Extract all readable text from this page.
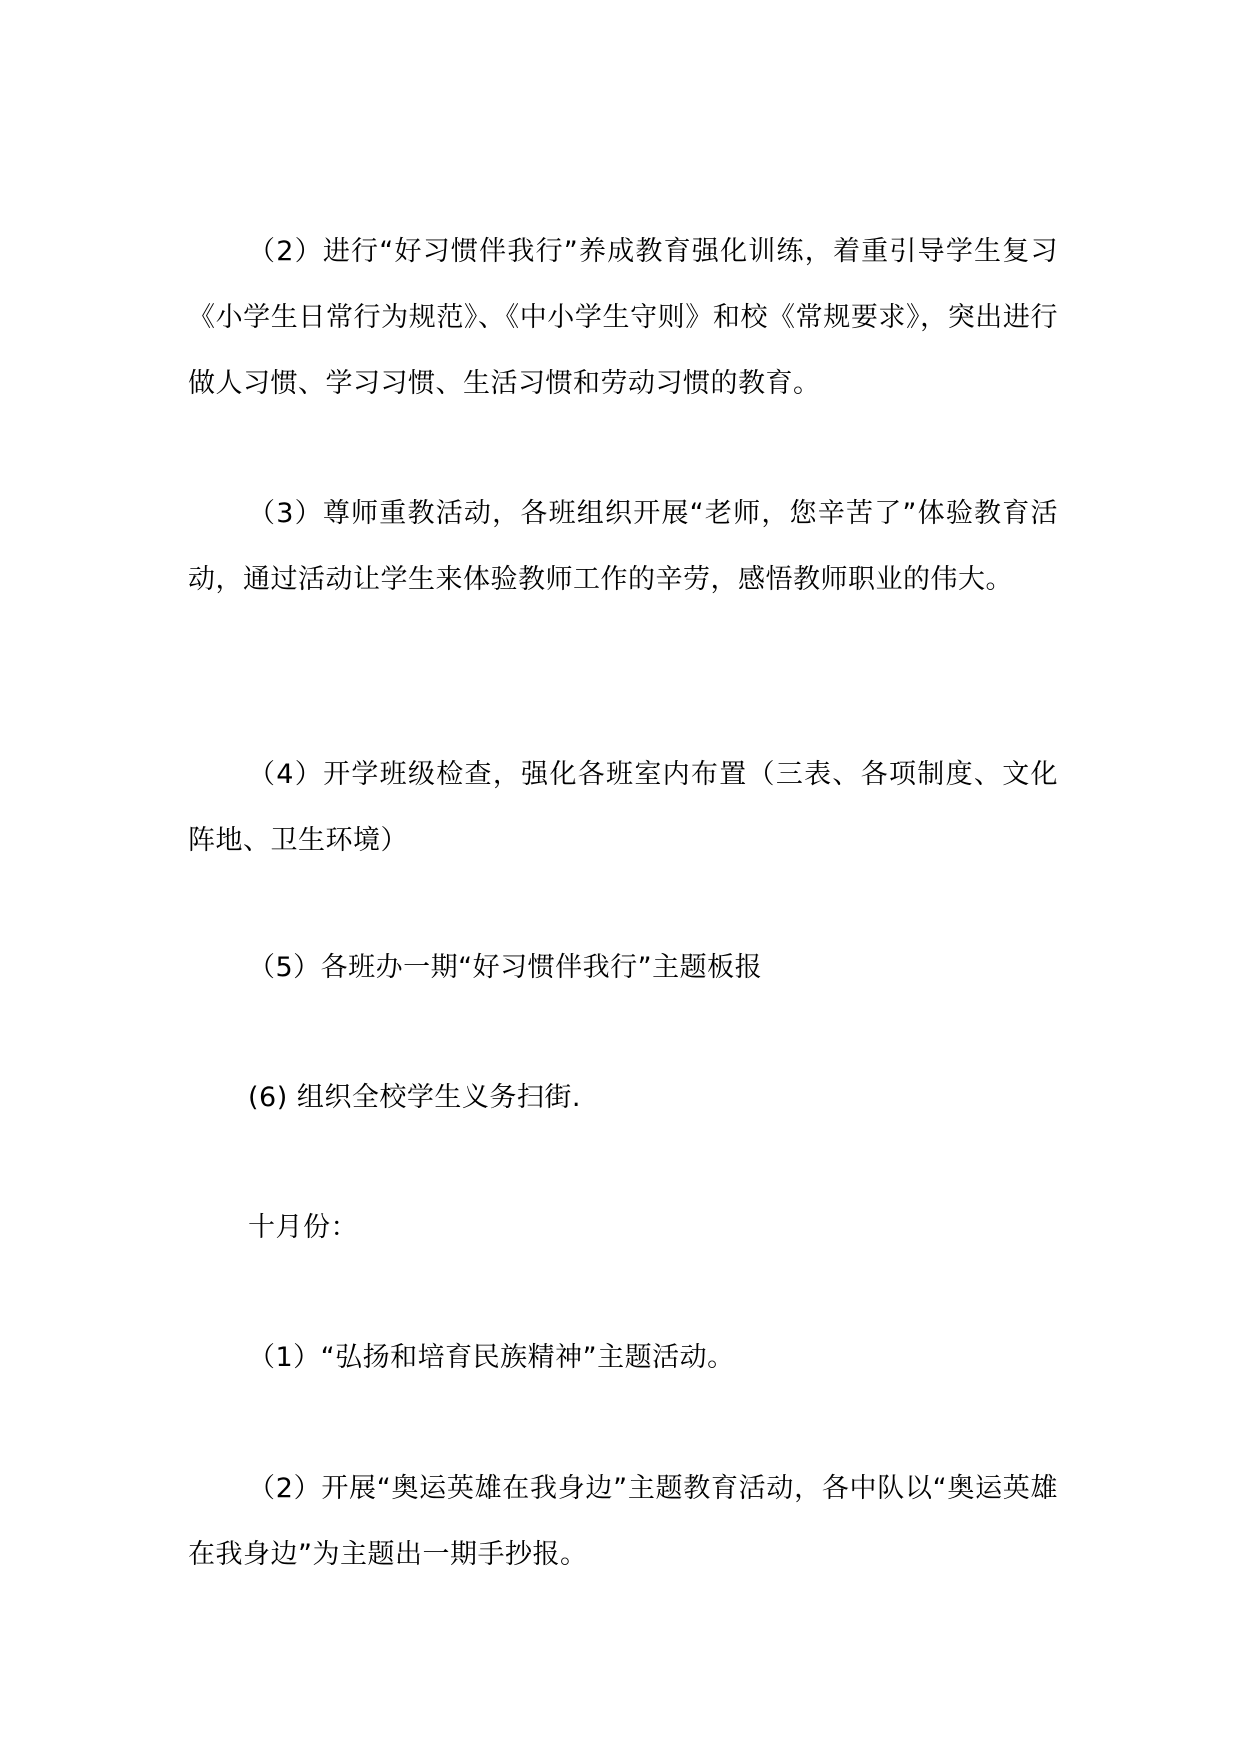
（2）进行“好习惯伴我行”养成教育强化训练，着重引导学生复习《小学生日常行为规范》、《中小学生守则》和校《常规要求》，突出进行做人习惯、学习习惯、生活习惯和劳动习惯的教育。

（3）尊师重教活动，各班组织开展“老师，您辛苦了”体验教育活动，通过活动让学生来体验教师工作的辛劳，感悟教师职业的伟大。

（4）开学班级检查，强化各班室内布置（三表、各项制度、文化阵地、卫生环境）

（5）各班办一期“好习惯伴我行”主题板报

(6) 组织全校学生义务扫街.

十月份：

（1）“弘扬和培育民族精神”主题活动。

（2）开展“奥运英雄在我身边”主题教育活动，各中队以“奥运英雄在我身边”为主题出一期手抄报。
